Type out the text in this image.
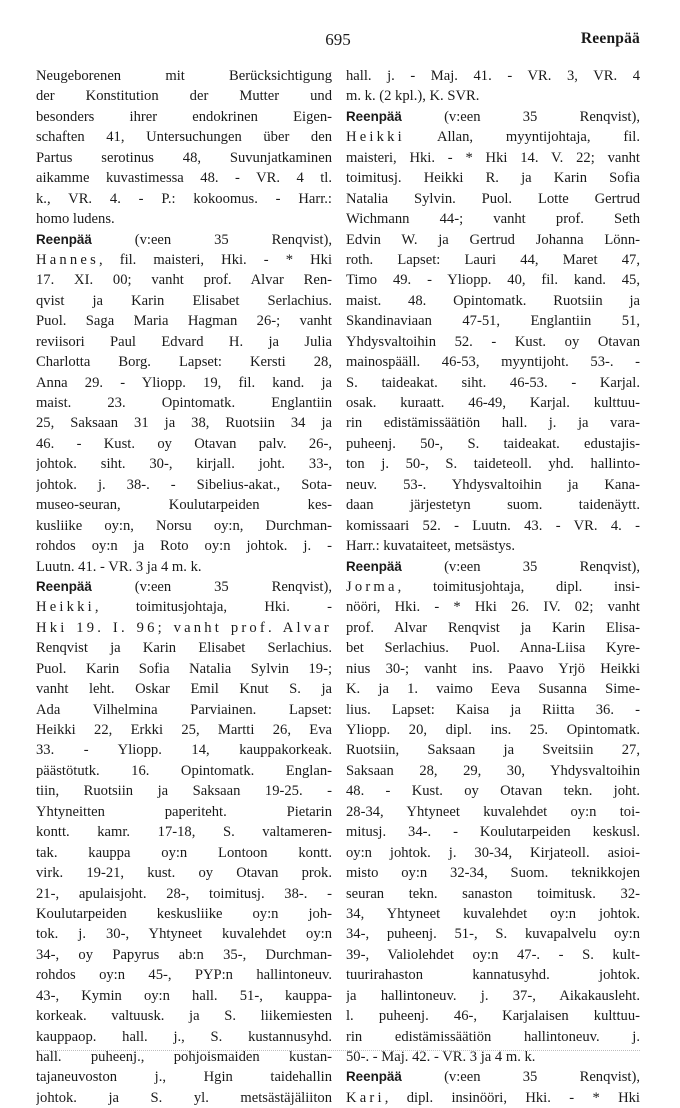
695	Reenpää
Neugeborenen mit Berücksichtigung
der Konstitution der Mutter und
besonders ihrer endokrinen Eigen-
schaften 41, Untersuchungen über den
Partus serotinus 48, Suvunjatkaminen
aikamme kuvastimessa 48. - VR. 4 tl.
k., VR. 4. - P.: kokoomus. - Harr.:
homo ludens.
Reenpää (v:een 35 Renqvist),
Hannes, fil. maisteri, Hki. - * Hki
17. XI. 00; vanht prof. Alvar Ren-
qvist ja Karin Elisabet Serlachius.
Puol. Saga Maria Hagman 26-; vanht
reviisori Paul Edvard H. ja Julia
Charlotta Borg. Lapset: Kersti 28,
Anna 29. - Yliopp. 19, fil. kand. ja
maist. 23. Opintomatk. Englantiin
25, Saksaan 31 ja 38, Ruotsiin 34 ja
46. - Kust. oy Otavan palv. 26-,
johtok. siht. 30-, kirjall. joht. 33-,
johtok. j. 38-. - Sibelius-akat., Sota-
museo-seuran, Koulutarpeiden kes-
kusliike oy:n, Norsu oy:n, Durchman-
rohdos oy:n ja Roto oy:n johtok. j. -
Luutn. 41. - VR. 3 ja 4 m. k.
Reenpää (v:een 35 Renqvist),
Heikki, toimitusjohtaja, Hki. -
Hki 19. I. 96; vanht prof. Alvar
Renqvist ja Karin Elisabet Serlachius.
Puol. Karin Sofia Natalia Sylvin 19-;
vanht leht. Oskar Emil Knut S. ja
Ada Vilhelmina Parviainen. Lapset:
Heikki 22, Erkki 25, Martti 26, Eva
33. - Yliopp. 14, kauppakorkeak.
päästötutk. 16. Opintomatk. Englan-
tiin, Ruotsiin ja Saksaan 19-25. -
Yhtyneitten paperiteht. Pietarin
kontt. kamr. 17-18, S. valtameren-
tak. kauppa oy:n Lontoon kontt.
virk. 19-21, kust. oy Otavan prok.
21-, apulaisjoht. 28-, toimitusj. 38-. -
Koulutarpeiden keskusliike oy:n joh-
tok. j. 30-, Yhtyneet kuvalehdet oy:n
34-, oy Papyrus ab:n 35-, Durchman-
rohdos oy:n 45-, PYP:n hallintoneuv.
43-, Kymin oy:n hall. 51-, kauppa-
korkeak. valtuusk. ja S. liikemiesten
kauppaop. hall. j., S. kustannusyhd.
hall. puheenj., pohjoismaiden kustan-
tajaneuvoston j., Hgin taidehallin
johtok. ja S. yl. metsästäjäliiton
hall. j. - Maj. 41. - VR. 3, VR. 4
m. k. (2 kpl.), K. SVR.
Reenpää (v:een 35 Renqvist),
Heikki Allan, myyntijohtaja, fil.
maisteri, Hki. - * Hki 14. V. 22; vanht
toimitusj. Heikki R. ja Karin Sofia
Natalia Sylvin. Puol. Lotte Gertrud
Wichmann 44-; vanht prof. Seth
Edvin W. ja Gertrud Johanna Lönn-
roth. Lapset: Lauri 44, Maret 47,
Timo 49. - Yliopp. 40, fil. kand. 45,
maist. 48. Opintomatk. Ruotsiin ja
Skandinaviaan 47-51, Englantiin 51,
Yhdysvaltoihin 52. - Kust. oy Otavan
mainospääll. 46-53, myyntijoht. 53-. -
S. taideakat. siht. 46-53. - Karjal.
osak. kuraatt. 46-49, Karjal. kulttuu-
rin edistämissäätiön hall. j. ja vara-
puheenj. 50-, S. taideakat. edustajis-
ton j. 50-, S. taideteoll. yhd. hallinto-
neuv. 53-. Yhdysvaltoihin ja Kana-
daan järjestetyn suom. taidenäytt.
komissaari 52. - Luutn. 43. - VR. 4. -
Harr.: kuvataiteet, metsästys.
Reenpää (v:een 35 Renqvist),
Jorma, toimitusjohtaja, dipl. insi-
nööri, Hki. - * Hki 26. IV. 02; vanht
prof. Alvar Renqvist ja Karin Elisa-
bet Serlachius. Puol. Anna-Liisa Kyre-
nius 30-; vanht ins. Paavo Yrjö Heikki
K. ja 1. vaimo Eeva Susanna Sime-
lius. Lapset: Kaisa ja Riitta 36. -
Yliopp. 20, dipl. ins. 25. Opintomatk.
Ruotsiin, Saksaan ja Sveitsiin 27,
Saksaan 28, 29, 30, Yhdysvaltoihin
48. - Kust. oy Otavan tekn. joht.
28-34, Yhtyneet kuvalehdet oy:n toi-
mitusj. 34-. - Koulutarpeiden keskusl.
oy:n johtok. j. 30-34, Kirjateoll. asioi-
misto oy:n 32-34, Suom. teknikkojen
seuran tekn. sanaston toimitusk. 32-
34, Yhtyneet kuvalehdet oy:n johtok.
34-, puheenj. 51-, S. kuvapalvelu oy:n
39-, Valiolehdet oy:n 47-. - S. kult-
tuurirahaston kannatusyhd. johtok.
ja hallintoneuv. j. 37-, Aikakausleht.
l. puheenj. 46-, Karjalaisen kulttuu-
rin edistämissäätiön hallintoneuv. j.
50-. - Maj. 42. - VR. 3 ja 4 m. k.
Reenpää (v:een 35 Renqvist),
Kari, dipl. insinööri, Hki. - * Hki
